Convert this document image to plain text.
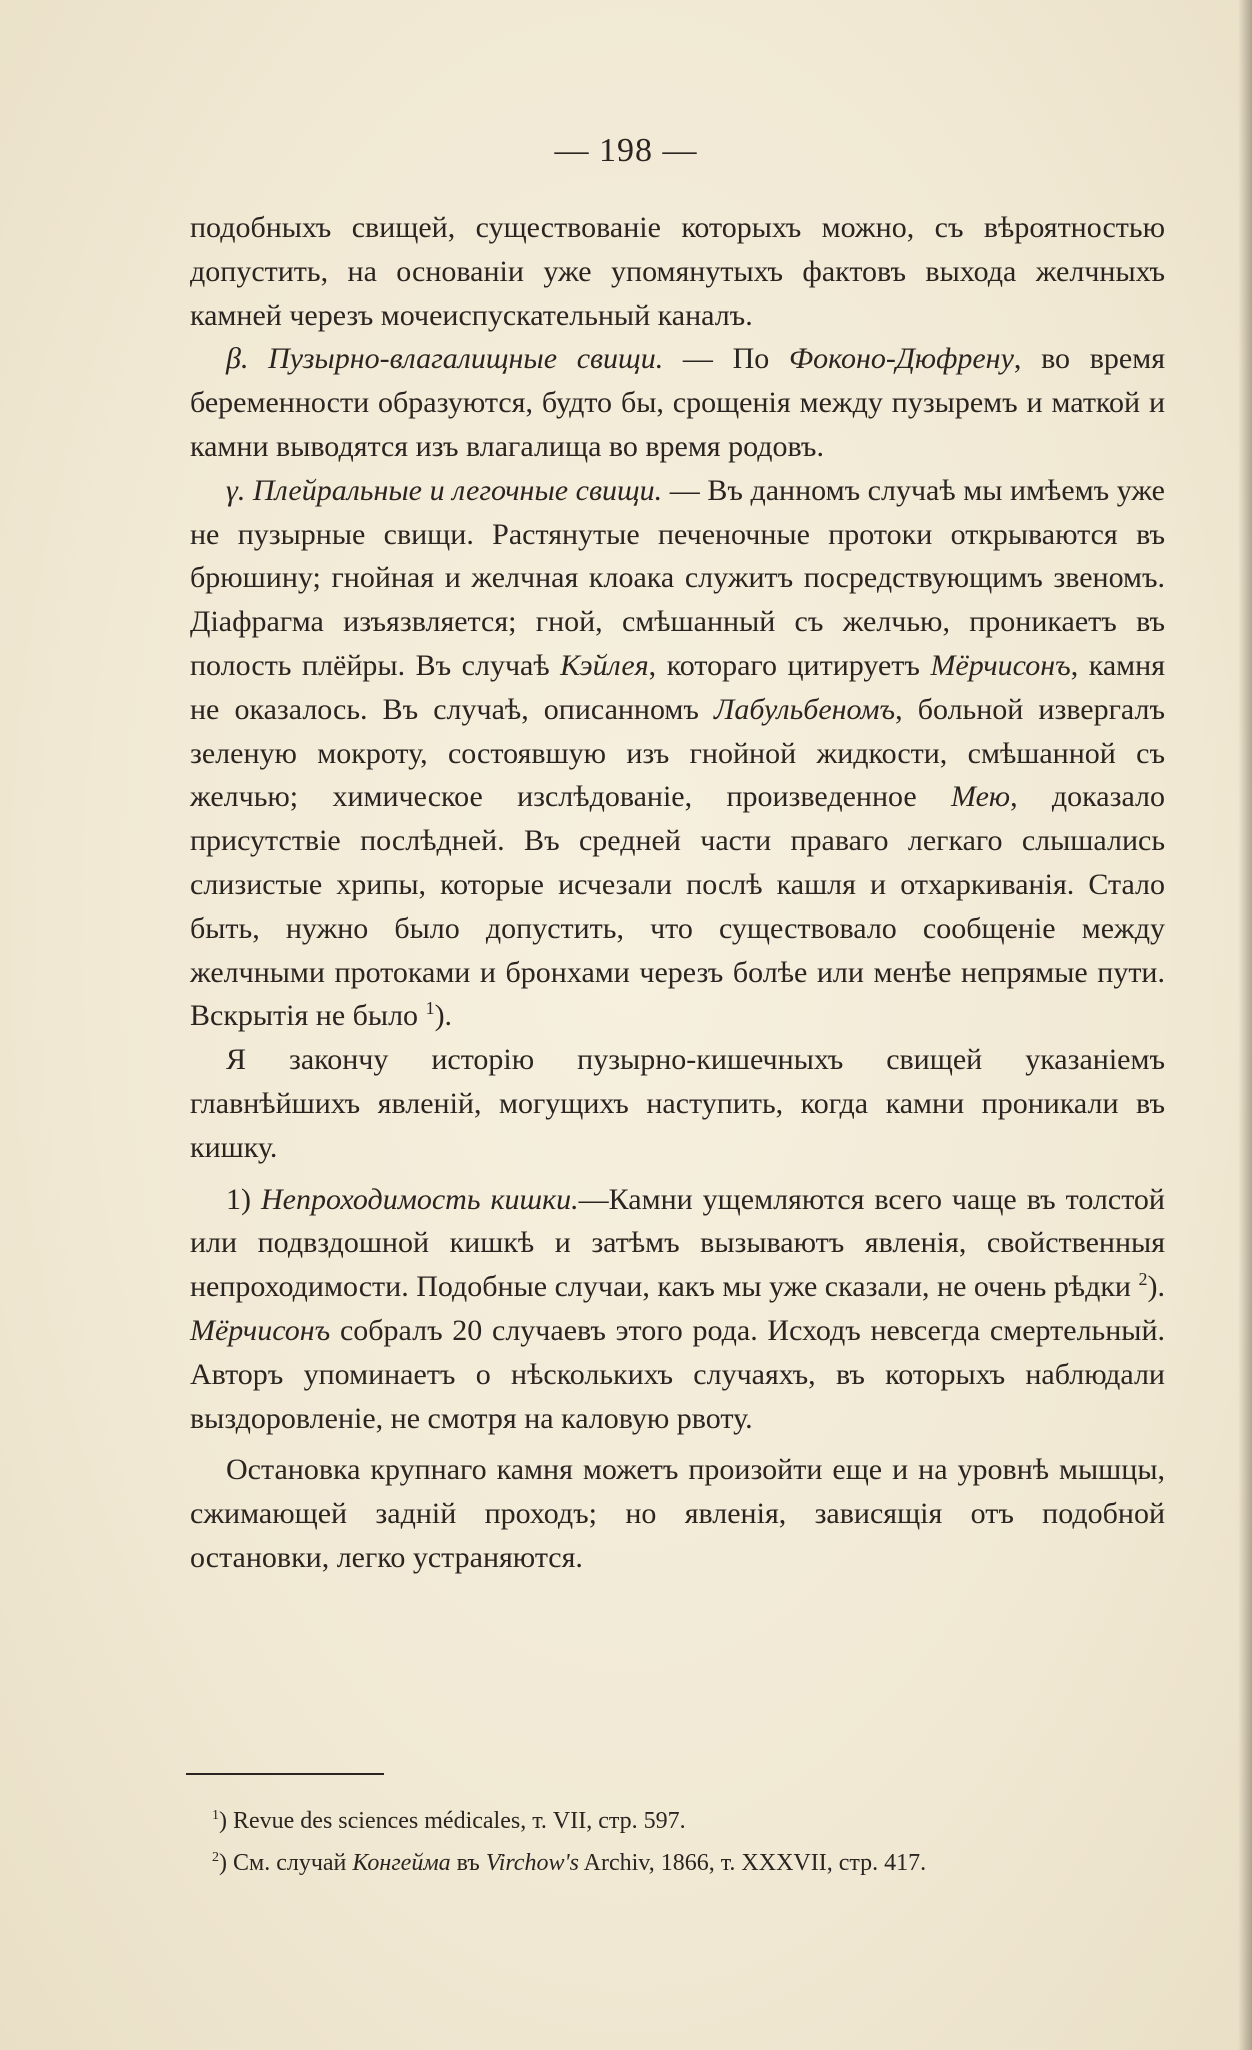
— 198 —

подобныхъ свищей, существованіе которыхъ можно, съ вѣроятностью допустить, на основаніи уже упомянутыхъ фактовъ выхода желчныхъ камней черезъ мочеиспускательный каналъ.

β. Пузырно-влагалищные свищи. — По Фоконо-Дюфрену, во время беременности образуются, будто бы, срощенія между пузыремъ и маткой и камни выводятся изъ влагалища во время родовъ.

γ. Плейральные и легочные свищи. — Въ данномъ случаѣ мы имѣемъ уже не пузырные свищи. Растянутые печеночные протоки открываются въ брюшину; гнойная и желчная клоака служитъ посредствующимъ звеномъ. Діафрагма изъязвляется; гной, смѣшанный съ желчью, проникаетъ въ полость плёйры. Въ случаѣ Кэйлея, котораго цитируетъ Мёрчисонъ, камня не оказалось. Въ случаѣ, описанномъ Лабульбеномъ, больной извергалъ зеленую мокроту, состоявшую изъ гнойной жидкости, смѣшанной съ желчью; химическое изслѣдованіе, произведенное Мею, доказало присутствіе послѣдней. Въ средней части праваго легкаго слышались слизистые хрипы, которые исчезали послѣ кашля и отхаркиванія. Стало быть, нужно было допустить, что существовало сообщеніе между желчными протоками и бронхами черезъ болѣе или менѣе непрямые пути. Вскрытія не было $^1$).

Я закончу исторію пузырно-кишечныхъ свищей указаніемъ главнѣйшихъ явленій, могущихъ наступить, когда камни проникали въ кишку.

1) Непроходимость кишки.—Камни ущемляются всего чаще въ толстой или подвздошной кишкѣ и затѣмъ вызываютъ явленія, свойственныя непроходимости. Подобные случаи, какъ мы уже сказали, не очень рѣдки $^2$). Мёрчисонъ собралъ 20 случаевъ этого рода. Исходъ невсегда смертельный. Авторъ упоминаетъ о нѣсколькихъ случаяхъ, въ которыхъ наблюдали выздоровленіе, не смотря на каловую рвоту.

Остановка крупнаго камня можетъ произойти еще и на уровнѣ мышцы, сжимающей задній проходъ; но явленія, зависящія отъ подобной остановки, легко устраняются.

$^1$) Revue des sciences médicales, т. VII, стр. 597.

$^2$) См. случай Конгейма въ Virchow's Archiv, 1866, т. XXXVII, стр. 417.
